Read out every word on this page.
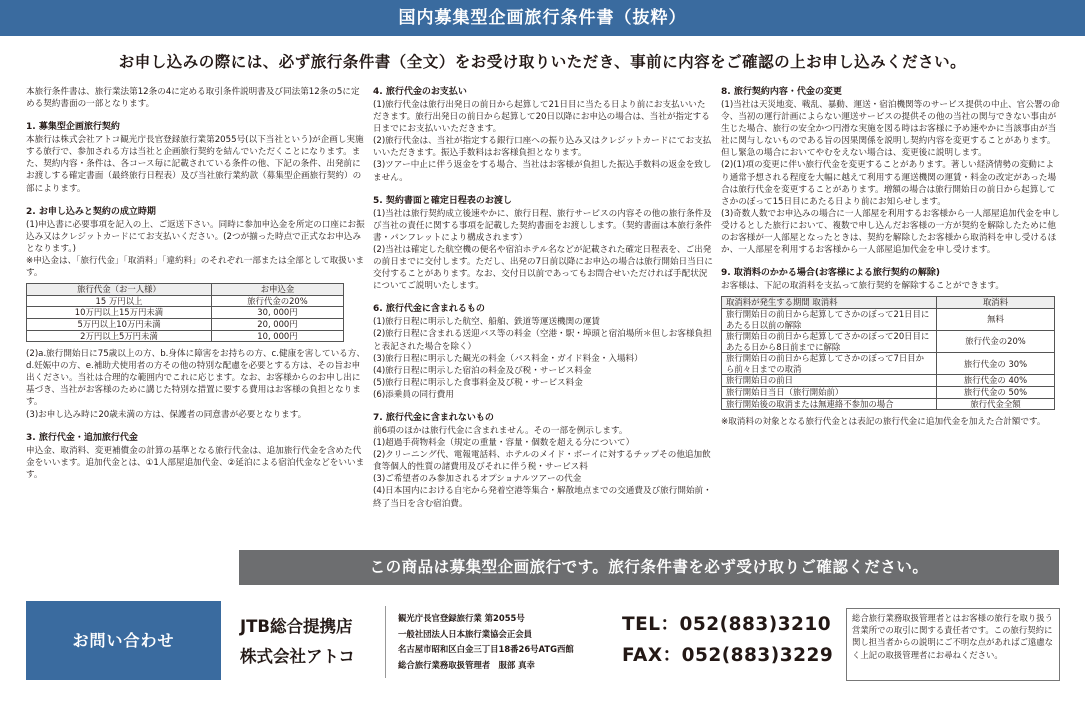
国内募集型企画旅行条件書（抜粋）
お申し込みの際には、必ず旅行条件書（全文）をお受け取りいただき、事前に内容をご確認の上お申し込みください。

本旅行条件書は、旅行業法第12条の4に定める取引条件説明書及び同法第12条の5に定める契約書面の一部となります。

1. 募集型企画旅行契約

本旅行は株式会社アトコ観光庁長官登録旅行業第2055号(以下当社という)が企画し実施する旅行で、参加される方は当社と企画旅行契約を結んでいただくことになります。また、契約内容・条件は、各コース毎に記載されている条件の他、下記の条件、出発前にお渡しする確定書面（最終旅行日程表）及び当社旅行業約款（募集型企画旅行契約）の部によります。

2. お申し込みと契約の成立時期

(1)申込書に必要事項を記入の上、ご返送下さい。同時に参加申込金を所定の口座にお振込み又はクレジットカードにてお支払いください。(2つが揃った時点で正式なお申込みとなります。)
※申込金は、「旅行代金」「取消料」「違約料」のそれぞれ一部または全部として取扱います。

旅行代金（お一人様）	お申込金
15 万円以上	旅行代金の20%
10万円以上15万円未満	30, 000円
5万円以上10万円未満	20, 000円
2万円以上5万円未満	10, 000円

(2)a.旅行開始日に75歳以上の方、b.身体に障害をお持ちの方、c.健康を害している方、d.妊娠中の方、e.補助犬使用者の方その他の特別な配慮を必要とする方は、その旨お申出ください。当社は合理的な範囲内でこれに応じます。なお、お客様からのお申し出に基づき、当社がお客様のために講じた特別な措置に要する費用はお客様の負担となります。
(3)お申し込み時に20歳未満の方は、保護者の同意書が必要となります。

3. 旅行代金・追加旅行代金

申込金、取消料、変更補償金の計算の基準となる旅行代金は、追加旅行代金を含めた代金をいいます。追加代金とは、①1人部屋追加代金、②延泊による宿泊代金などをいいます。

4. 旅行代金のお支払い

(1)旅行代金は旅行出発日の前日から起算して21日目に当たる日より前にお支払いいただきます。旅行出発日の前日から起算して20日以降にお申込の場合は、当社が指定する日までにお支払いいただきます。
(2)旅行代金は、当社が指定する銀行口座への振り込み又はクレジットカードにてお支払いいただきます。振込手数料はお客様負担となります。
(3)ツアー中止に伴う返金をする場合、当社はお客様が負担した振込手数料の返金を致しません。

5. 契約書面と確定日程表のお渡し

(1)当社は旅行契約成立後速やかに、旅行日程、旅行サービスの内容その他の旅行条件及び当社の責任に関する事項を記載した契約書面をお渡しします。（契約書面は本旅行条件書・パンフレットにより構成されます）
(2)当社は確定した航空機の便名や宿泊ホテル名などが記載された確定日程表を、ご出発の前日までに交付します。ただし、出発の7日前以降にお申込の場合は旅行開始日当日に交付することがあります。なお、交付日以前であってもお問合せいただければ手配状況についてご説明いたします。

6. 旅行代金に含まれるもの

(1)旅行日程に明示した航空、船舶、鉄道等運送機関の運賃
(2)旅行日程に含まれる送迎バス等の料金（空港・駅・埠頭と宿泊場所＊但しお客様負担と表記された場合を除く）
(3)旅行日程に明示した観光の料金（バス料金・ガイド料金・入場料）
(4)旅行日程に明示した宿泊の料金及び税・サービス料金
(5)旅行日程に明示した食事料金及び税・サービス料金
(6)添乗員の同行費用

7. 旅行代金に含まれないもの

前6項のほかは旅行代金に含まれません。その一部を例示します。
(1)超過手荷物料金（規定の重量・容量・個数を超える分について）
(2)クリーニング代、電報電話料、ホテルのメイド・ボーイに対するチップその他追加飲食等個人的性質の諸費用及びそれに伴う税・サービス料
(3)ご希望者のみ参加されるオプショナルツアーの代金
(4)日本国内における自宅から発着空港等集合・解散地点までの交通費及び旅行開始前・終了当日を含む宿泊費。

8. 旅行契約内容・代金の変更

(1)当社は天災地変、戦乱、暴動、運送・宿泊機関等のサービス提供の中止、官公署の命令、当初の運行計画によらない運送サービスの提供その他の当社の関与できない事由が生じた場合、旅行の安全かつ円滑な実施を図る時はお客様に予め速やかに当該事由が当社に関与しないものである旨の因果関係を説明し契約内容を変更することがあります。但し緊急の場合においてやむをえない場合は、変更後に説明します。
(2)(1)項の変更に伴い旅行代金を変更することがあります。著しい経済情勢の変動により通常予想される程度を大幅に越えて利用する運送機関の運賃・料金の改定があった場合は旅行代金を変更することがあります。増額の場合は旅行開始日の前日から起算してさかのぼって15日目にあたる日より前にお知らせします。
(3)奇数人数でお申込みの場合に一人部屋を利用するお客様から一人部屋追加代金を申し受けるとした旅行において、複数で申し込んだお客様の一方が契約を解除したために他のお客様が一人部屋となったときは、契約を解除したお客様から取消料を申し受けるほか、一人部屋を利用するお客様から一人部屋追加代金を申し受けます。

9. 取消料のかかる場合(お客様による旅行契約の解除)

お客様は、下記の取消料を支払って旅行契約を解除することができます。

取消料が発生する期間 取消料	取消料
旅行開始日の前日から起算してさかのぼって21日目にあたる日以前の解除	無料
旅行開始日の前日から起算してさかのぼって20日目にあたる日から8日前までに解除	旅行代金の20%
旅行開始日の前日から起算してさかのぼって7日目から前々日までの取消	旅行代金の 30%
旅行開始日の前日	旅行代金の 40%
旅行開始日当日（旅行開始前）	旅行代金の 50%
旅行開始後の取消または無連絡不参加の場合	旅行代金全額

※取消料の対象となる旅行代金とは表記の旅行代金に追加代金を加えた合計額です。

この商品は募集型企画旅行です。旅行条件書を必ず受け取りご確認ください。
お問い合わせ
JTB総合提携店
株式会社アトコ
観光庁長官登録旅行業 第2055号
一般社団法人日本旅行業協会正会員
名古屋市昭和区白金三丁目18番26号ATG西館
総合旅行業務取扱管理者　服部 真幸
TEL：052(883)3210
FAX：052(883)3229
総合旅行業務取扱管理者とはお客様の旅行を取り扱う営業所での取引に関する責任者です。この旅行契約に関し担当者からの説明にご不明な点があればご遠慮なく上記の取扱管理者にお尋ねください。
